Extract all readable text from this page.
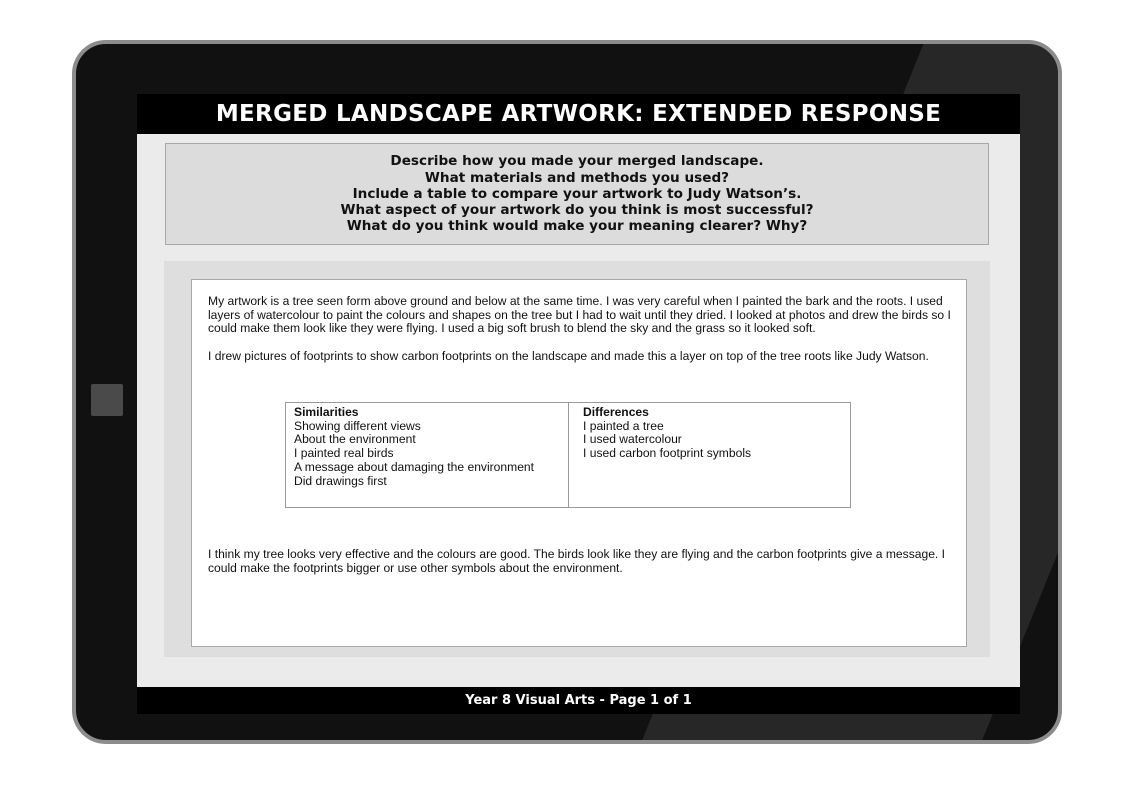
MERGED LANDSCAPE ARTWORK: EXTENDED RESPONSE
Describe how you made your merged landscape.
What materials and methods you used?
Include a table to compare your artwork to Judy Watson’s.
What aspect of your artwork do you think is most successful?
What do you think would make your meaning clearer? Why?

My artwork is a tree seen form above ground and below at the same time. I was very careful when I painted the bark and the roots. I used layers of watercolour to paint the colours and shapes on the tree but I had to wait until they dried. I looked at photos and drew the birds so I could make them look like they were flying. I used a big soft brush to blend the sky and the grass so it looked soft.

I drew pictures of footprints to show carbon footprints on the landscape and made this a layer on top of the tree roots like Judy Watson.

Similarities
Showing different views
About the environment
I painted real birds
A message about damaging the environment
Did drawings first
Differences
I painted a tree
I used watercolour
I used carbon footprint symbols

I think my tree looks very effective and the colours are good. The birds look like they are flying and the carbon footprints give a message. I could make the footprints bigger or use other symbols about the environment.

Year 8 Visual Arts - Page 1 of 1
